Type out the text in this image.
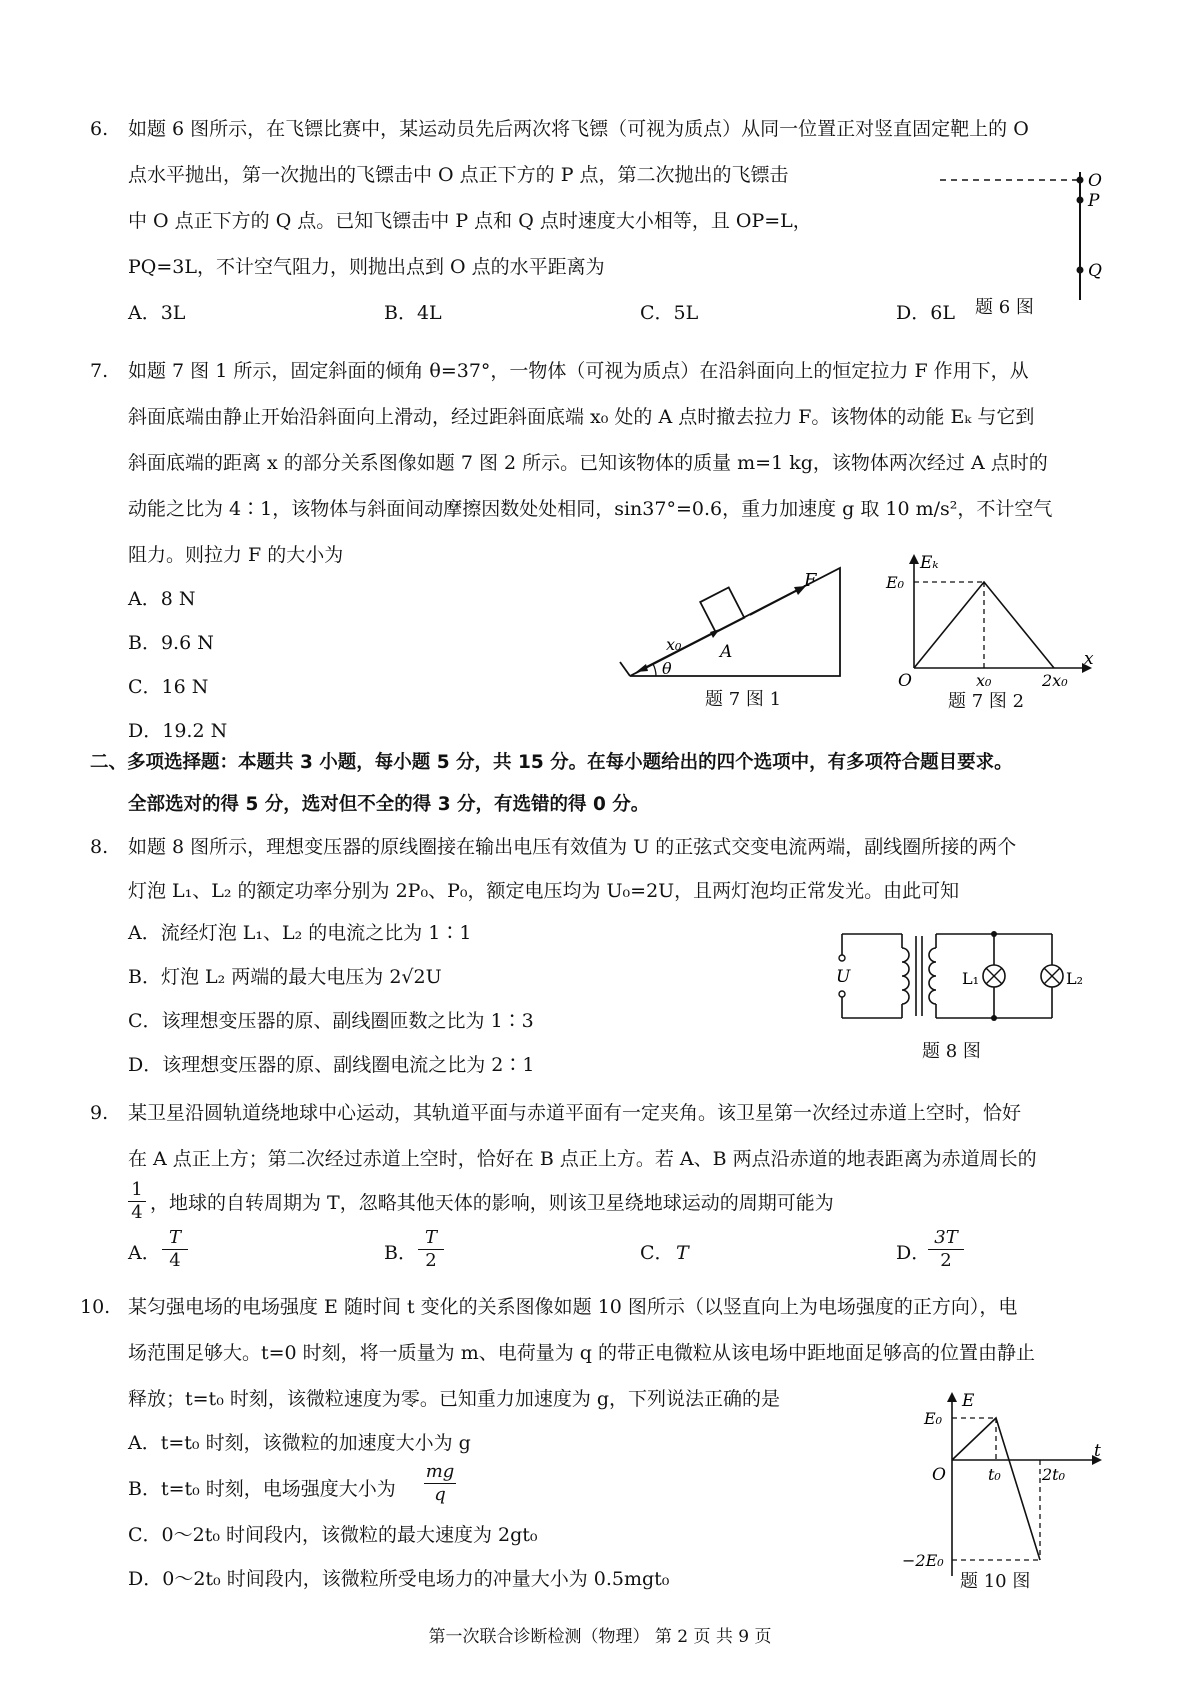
6. 如题 6 图所示，在飞镖比赛中，某运动员先后两次将飞镖（可视为质点）从同一位置正对竖直固定靶上的 O
点水平抛出，第一次抛出的飞镖击中 O 点正下方的 P 点，第二次抛出的飞镖击
中 O 点正下方的 Q 点。已知飞镖击中 P 点和 Q 点时速度大小相等，且 OP=L，
PQ=3L，不计空气阻力，则抛出点到 O 点的水平距离为
A．3L	B．4L	C．5L	D．6L
O
P
Q
题 6 图
7. 如题 7 图 1 所示，固定斜面的倾角 θ=37°，一物体（可视为质点）在沿斜面向上的恒定拉力 F 作用下，从
斜面底端由静止开始沿斜面向上滑动，经过距斜面底端 x₀ 处的 A 点时撤去拉力 F。该物体的动能 Eₖ 与它到
斜面底端的距离 x 的部分关系图像如题 7 图 2 所示。已知该物体的质量 m=1 kg，该物体两次经过 A 点时的
动能之比为 4∶1，该物体与斜面间动摩擦因数处处相同，sin37°=0.6，重力加速度 g 取 10 m/s²，不计空气
阻力。则拉力 F 的大小为
A．8 N
B．9.6 N
C．16 N
D．19.2 N
F
x₀ A
θ
题 7 图 1
Eₖ
E₀
O	x₀	2x₀
x
题 7 图 2
二、多项选择题：本题共 3 小题，每小题 5 分，共 15 分。在每小题给出的四个选项中，有多项符合题目要求。
全部选对的得 5 分，选对但不全的得 3 分，有选错的得 0 分。
8. 如题 8 图所示，理想变压器的原线圈接在输出电压有效值为 U 的正弦式交变电流两端，副线圈所接的两个
灯泡 L₁、L₂ 的额定功率分别为 2P₀、P₀，额定电压均为 U₀=2U，且两灯泡均正常发光。由此可知
A．流经灯泡 L₁、L₂ 的电流之比为 1∶1
B．灯泡 L₂ 两端的最大电压为 2√2U
C．该理想变压器的原、副线圈匝数之比为 1∶3
D．该理想变压器的原、副线圈电流之比为 2∶1
U	L₁	L₂
题 8 图
9. 某卫星沿圆轨道绕地球中心运动，其轨道平面与赤道平面有一定夹角。该卫星第一次经过赤道上空时，恰好
在 A 点正上方；第二次经过赤道上空时，恰好在 B 点正上方。若 A、B 两点沿赤道的地表距离为赤道周长的
1
4 ，地球的自转周期为 T，忽略其他天体的影响，则该卫星绕地球运动的周期可能为
A．
T
4	B．
T
2	C． T	D．
3T
2
10. 某匀强电场的电场强度 E 随时间 t 变化的关系图像如题 10 图所示（以竖直向上为电场强度的正方向），电
场范围足够大。t=0 时刻，将一质量为 m、电荷量为 q 的带正电微粒从该电场中距地面足够高的位置由静止
释放；t=t₀ 时刻，该微粒速度为零。已知重力加速度为 g，下列说法正确的是
A．t=t₀ 时刻，该微粒的加速度大小为 g
B．t=t₀ 时刻，电场强度大小为
mg
q
C．0～2t₀ 时间段内，该微粒的最大速度为 2gt₀
D．0～2t₀ 时间段内，该微粒所受电场力的冲量大小为 0.5mgt₀
E
E₀
O	t₀	2t₀
t
−2E₀
题 10 图
第一次联合诊断检测（物理） 第 2 页 共 9 页
